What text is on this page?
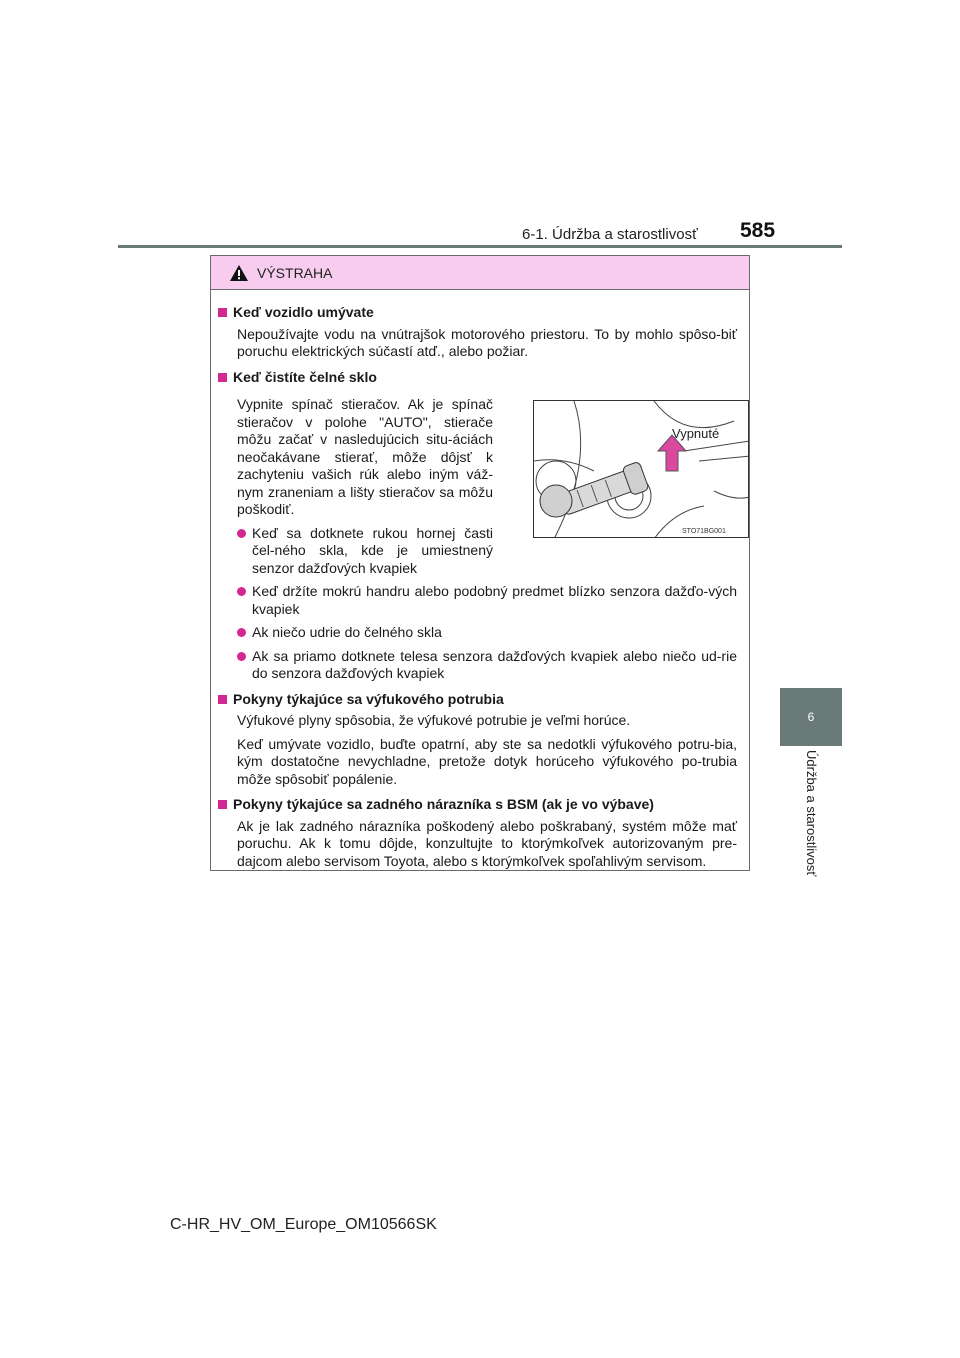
6-1. Údržba a starostlivosť 585
6
Údržba a starostlivosť
VÝSTRAHA
Keď vozidlo umývate
Nepoužívajte vodu na vnútrajšok motorového priestoru. To by mohlo spôso-biť poruchu elektrických súčastí atď., alebo požiar.
Keď čistíte čelné sklo
Vypnite spínač stieračov. Ak je spínač stieračov v polohe "AUTO", stierače môžu začať v nasledujúcich situ-áciách neočakávane stierať, môže dôjsť k zachyteniu vašich rúk alebo iným váž-nym zraneniam a lišty stieračov sa môžu poškodiť.
Keď sa dotknete rukou hornej časti čel-ného skla, kde je umiestnený senzor dažďových kvapiek
Vypnuté
STO71BG001
Keď držíte mokrú handru alebo podobný predmet blízko senzora dažďo-vých kvapiek
Ak niečo udrie do čelného skla
Ak sa priamo dotknete telesa senzora dažďových kvapiek alebo niečo ud-rie do senzora dažďových kvapiek
Pokyny týkajúce sa výfukového potrubia
Výfukové plyny spôsobia, že výfukové potrubie je veľmi horúce.
Keď umývate vozidlo, buďte opatrní, aby ste sa nedotkli výfukového potru-bia, kým dostatočne nevychladne, pretože dotyk horúceho výfukového po-trubia môže spôsobiť popálenie.
Pokyny týkajúce sa zadného nárazníka s BSM (ak je vo výbave)
Ak je lak zadného nárazníka poškodený alebo poškrabaný, systém môže mať poruchu. Ak k tomu dôjde, konzultujte to ktorýmkoľvek autorizovaným pre-dajcom alebo servisom Toyota, alebo s ktorýmkoľvek spoľahlivým servisom.
C-HR_HV_OM_Europe_OM10566SK
